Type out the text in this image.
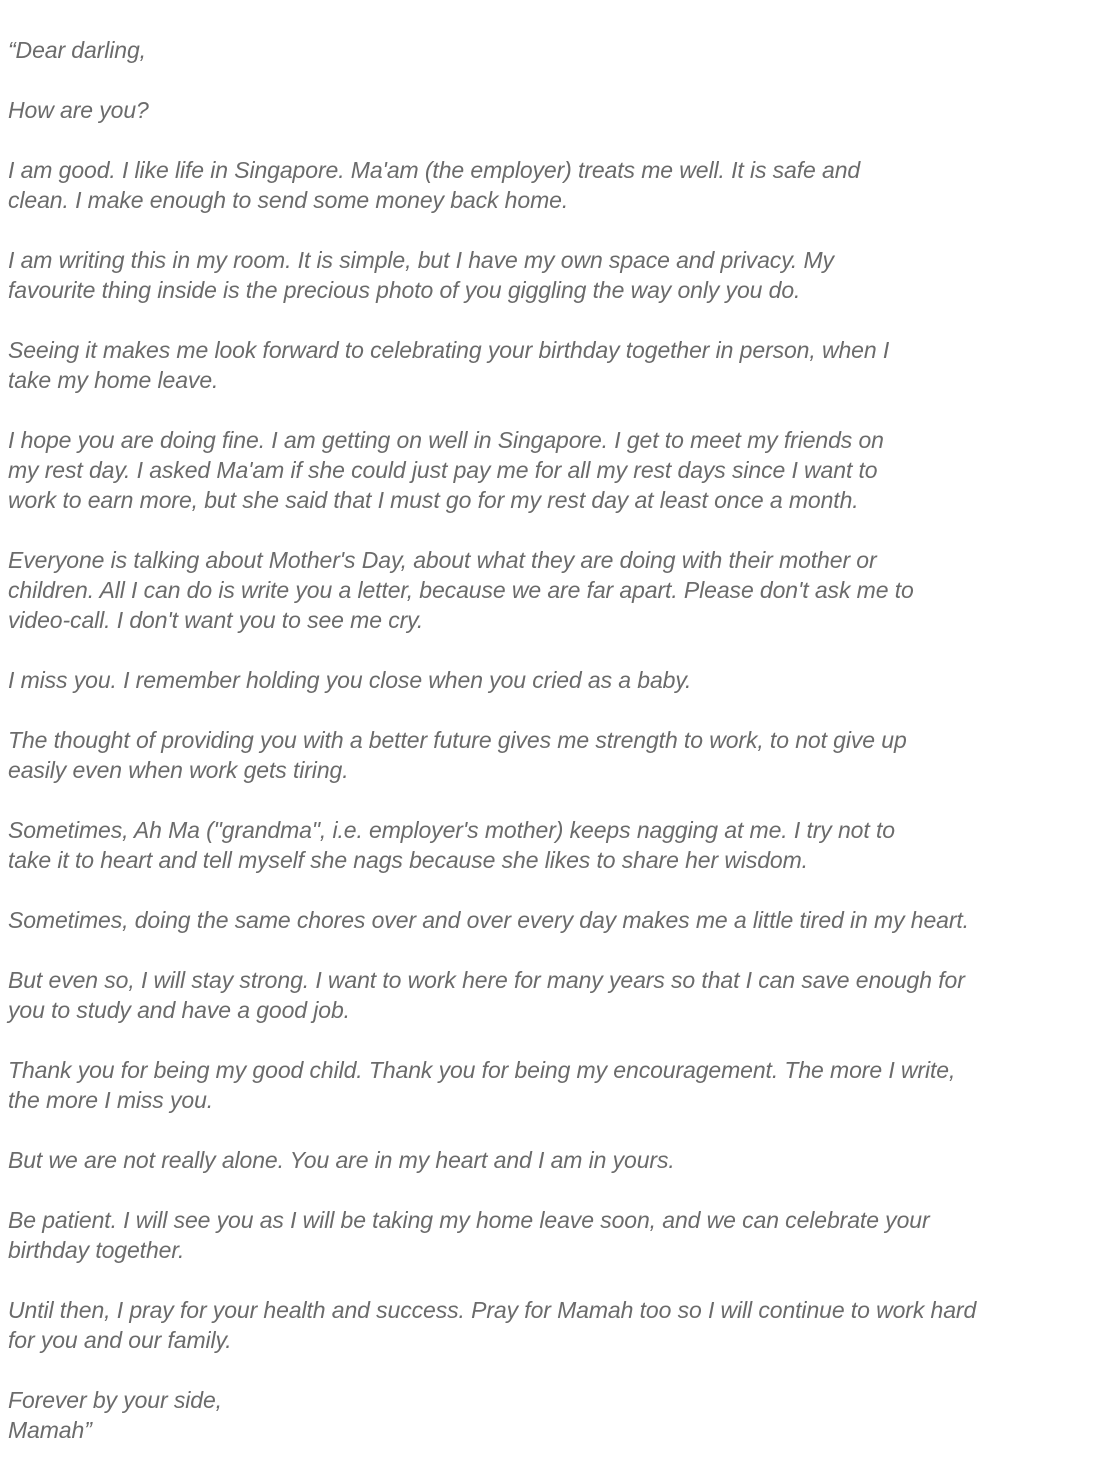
“Dear darling,

How are you?

I am good. I like life in Singapore. Ma'am (the employer) treats me well. It is safe and
clean. I make enough to send some money back home.

I am writing this in my room. It is simple, but I have my own space and privacy. My
favourite thing inside is the precious photo of you giggling the way only you do.

Seeing it makes me look forward to celebrating your birthday together in person, when I
take my home leave.

I hope you are doing fine. I am getting on well in Singapore. I get to meet my friends on
my rest day. I asked Ma'am if she could just pay me for all my rest days since I want to
work to earn more, but she said that I must go for my rest day at least once a month.

Everyone is talking about Mother's Day, about what they are doing with their mother or
children. All I can do is write you a letter, because we are far apart. Please don't ask me to
video-call. I don't want you to see me cry.

I miss you. I remember holding you close when you cried as a baby.

The thought of providing you with a better future gives me strength to work, to not give up
easily even when work gets tiring.

Sometimes, Ah Ma ("grandma", i.e. employer's mother) keeps nagging at me. I try not to
take it to heart and tell myself she nags because she likes to share her wisdom.

Sometimes, doing the same chores over and over every day makes me a little tired in my heart.

But even so, I will stay strong. I want to work here for many years so that I can save enough for
you to study and have a good job.

Thank you for being my good child. Thank you for being my encouragement. The more I write,
the more I miss you.

But we are not really alone. You are in my heart and I am in yours.

Be patient. I will see you as I will be taking my home leave soon, and we can celebrate your
birthday together.

Until then, I pray for your health and success. Pray for Mamah too so I will continue to work hard
for you and our family.

Forever by your side,
Mamah”
